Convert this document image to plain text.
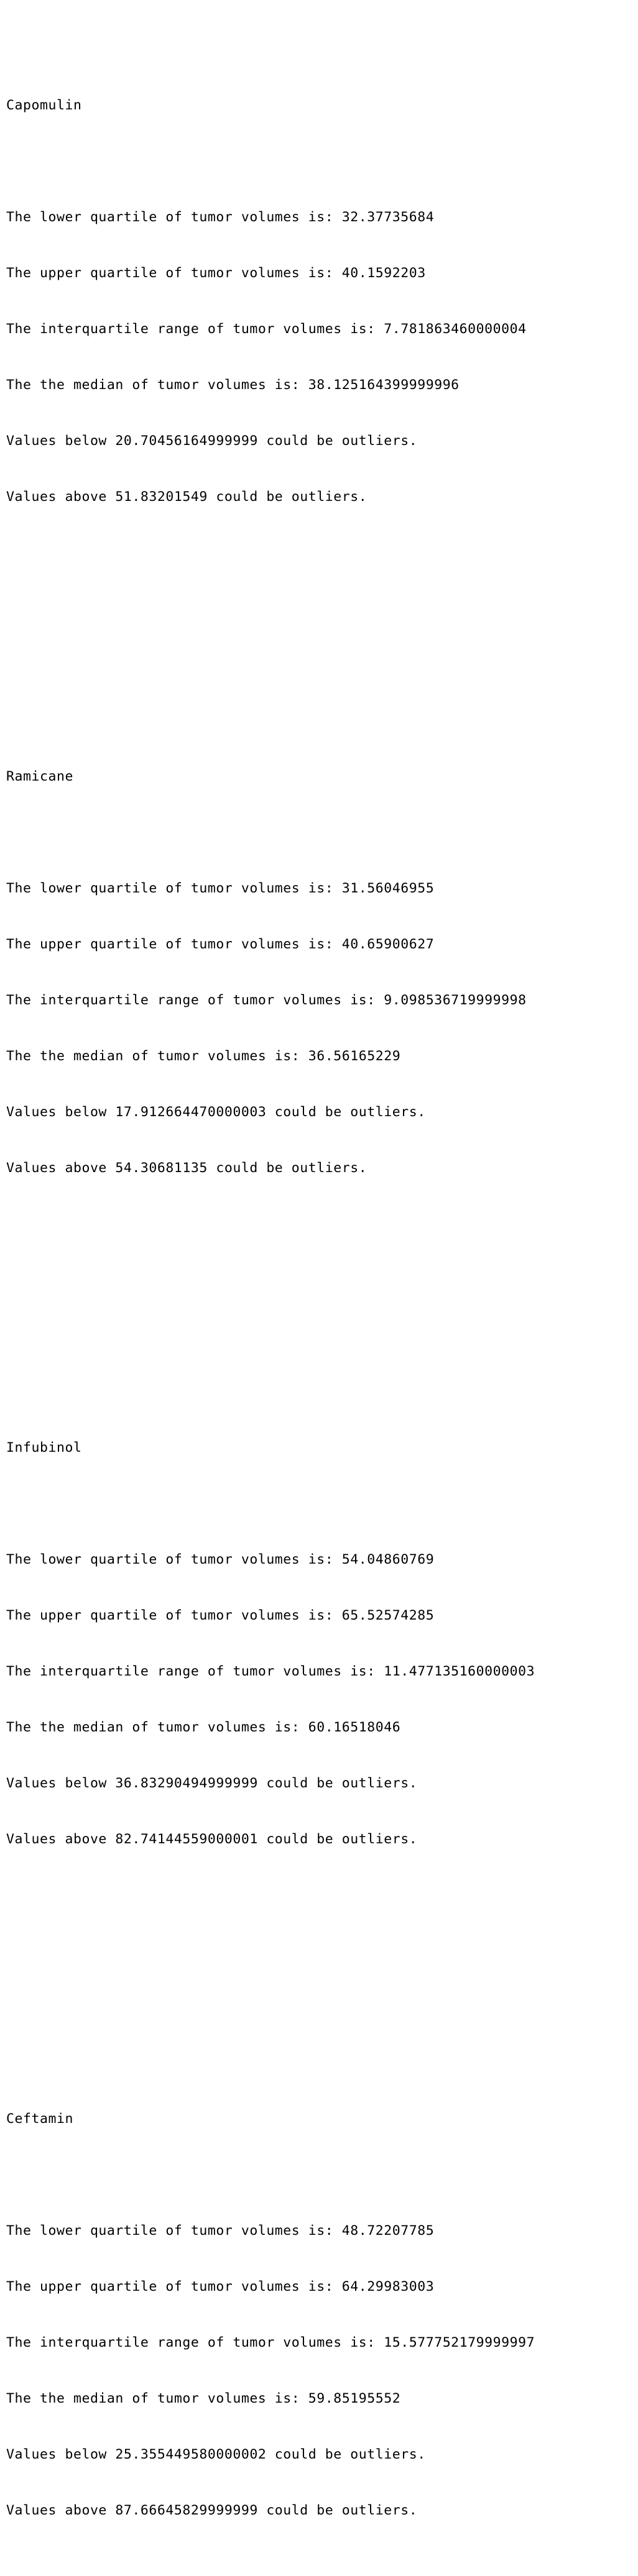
Capomulin

The lower quartile of tumor volumes is: 32.37735684

The upper quartile of tumor volumes is: 40.1592203

The interquartile range of tumor volumes is: 7.781863460000004

The the median of tumor volumes is: 38.125164399999996

Values below 20.70456164999999 could be outliers.

Values above 51.83201549 could be outliers.

Ramicane

The lower quartile of tumor volumes is: 31.56046955

The upper quartile of tumor volumes is: 40.65900627

The interquartile range of tumor volumes is: 9.098536719999998

The the median of tumor volumes is: 36.56165229

Values below 17.912664470000003 could be outliers.

Values above 54.30681135 could be outliers.

Infubinol

The lower quartile of tumor volumes is: 54.04860769

The upper quartile of tumor volumes is: 65.52574285

The interquartile range of tumor volumes is: 11.477135160000003

The the median of tumor volumes is: 60.16518046

Values below 36.83290494999999 could be outliers.

Values above 82.74144559000001 could be outliers.

Ceftamin

The lower quartile of tumor volumes is: 48.72207785

The upper quartile of tumor volumes is: 64.29983003

The interquartile range of tumor volumes is: 15.577752179999997

The the median of tumor volumes is: 59.85195552

Values below 25.355449580000002 could be outliers.

Values above 87.66645829999999 could be outliers.
